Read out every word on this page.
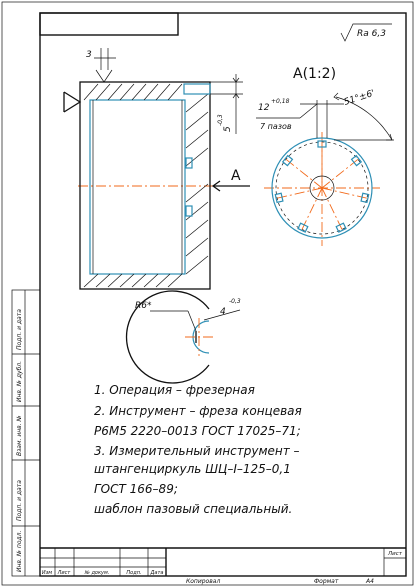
Ra 6,3
3
5
-0,3
A
A(1:2)
12
+0,18
7 пазов
51°±6'
R6*
4
-0,3
1. Операция – фрезерная
2. Инструмент – фреза концевая
Р6М5 2220–0013 ГОСТ 17025–71;
3. Измерительный инструмент –
штангенциркуль ШЦ–I–125–0,1
ГОСТ 166–89;
шаблон пазовый специальный.
Подп. и дата
Инв. № дубл.
Взам. инв. №
Подп. и дата
Инв. № подл.
Изм Лист	№ докум.	Подп. Дата
Лист
Копировал	Формат	А4
